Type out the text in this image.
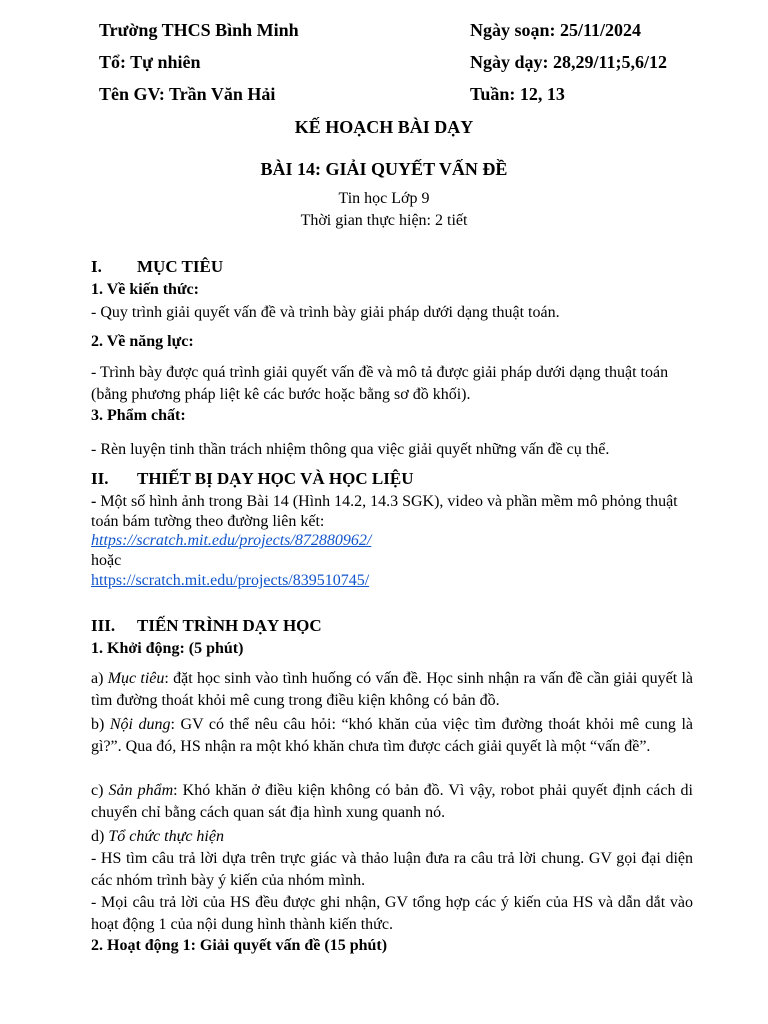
Trường THCS Bình Minh
Tổ: Tự nhiên
Tên GV: Trần Văn Hải
Ngày soạn: 25/11/2024
Ngày dạy: 28,29/11;5,6/12
Tuần: 12, 13
KẾ HOẠCH BÀI DẠY
BÀI 14: GIẢI QUYẾT VẤN ĐỀ
Tin học Lớp 9
Thời gian thực hiện: 2 tiết
I. MỤC TIÊU
1. Về kiến thức:
- Quy trình giải quyết vấn đề và trình bày giải pháp dưới dạng thuật toán.
2. Về năng lực:
- Trình bày được quá trình giải quyết vấn đề và mô tả được giải pháp dưới dạng thuật toán (bằng phương pháp liệt kê các bước hoặc bằng sơ đồ khối).
3. Phẩm chất:
- Rèn luyện tinh thần trách nhiệm thông qua việc giải quyết những vấn đề cụ thể.
II. THIẾT BỊ DẠY HỌC VÀ HỌC LIỆU
- Một số hình ảnh trong Bài 14 (Hình 14.2, 14.3 SGK), video và phần mềm mô phỏng thuật toán bám tường theo đường liên kết:
https://scratch.mit.edu/projects/872880962/
hoặc
https://scratch.mit.edu/projects/839510745/
III. TIẾN TRÌNH DẠY HỌC
1. Khởi động: (5 phút)
a) Mục tiêu: đặt học sinh vào tình huống có vấn đề. Học sinh nhận ra vấn đề cần giải quyết là tìm đường thoát khỏi mê cung trong điều kiện không có bản đồ.
b) Nội dung: GV có thể nêu câu hỏi: “khó khăn của việc tìm đường thoát khỏi mê cung là gì?”. Qua đó, HS nhận ra một khó khăn chưa tìm được cách giải quyết là một “vấn đề”.
c) Sản phẩm: Khó khăn ở điều kiện không có bản đồ. Vì vậy, robot phải quyết định cách di chuyển chỉ bằng cách quan sát địa hình xung quanh nó.
d) Tổ chức thực hiện
- HS tìm câu trả lời dựa trên trực giác và thảo luận đưa ra câu trả lời chung. GV gọi đại diện các nhóm trình bày ý kiến của nhóm mình.
- Mọi câu trả lời của HS đều được ghi nhận, GV tổng hợp các ý kiến của HS và dẫn dắt vào hoạt động 1 của nội dung hình thành kiến thức.
2. Hoạt động 1: Giải quyết vấn đề (15 phút)
